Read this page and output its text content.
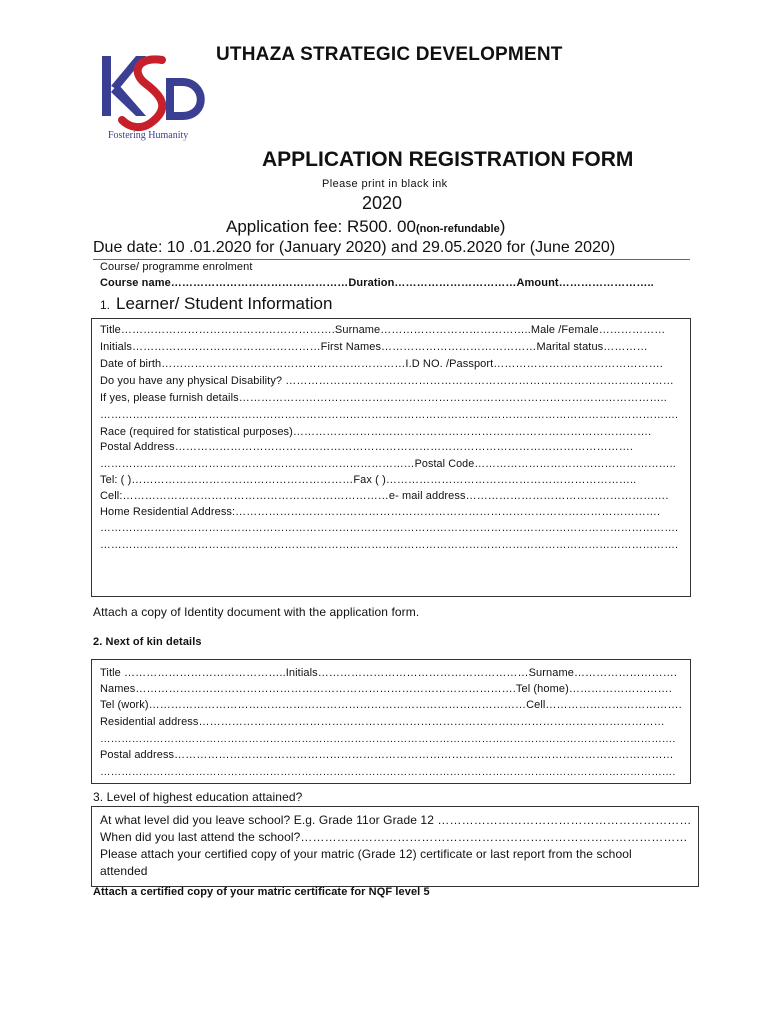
Fostering Humanity
UTHAZA STRATEGIC DEVELOPMENT
APPLICATION REGISTRATION FORM
Please print in black ink
2020
Application fee: R500. 00(non-refundable)
Due date: 10 .01.2020 for (January 2020) and 29.05.2020 for (June 2020)
Course/ programme enrolment
Course name…………………………………………Duration……………………………Amount……………………..
1. Learner/ Student Information
Title………………………………………………….Surname…………………………………..Male /Female………………
Initials……………………………………………First Names……………………………………Marital status…………
Date of birth…………………………………………………………I.D NO. /Passport……………………………………….
Do you have any physical Disability? ……………………………………………………………………………………………
If yes, please furnish details……………………………………………………………………………………………………..
…………………………………………………………………………………………………………………………………………….
Race (required for statistical purposes)…………………………………………………………………………………….
Postal Address…………………………………………………………………………………………………………….
……………………………………………………………………………Postal Code………………………………………………..
Tel: ( )……………………………………………………Fax ( )…………………………………………………………..
Cell:………………………………………………………………e- mail address……………………………………………….
Home Residential Address:…………………………………………………………………………………………………….
…………………………………………………………………………………………………………………………………………….
…………………………………………………………………………………………………………………………………………….
Attach a copy of Identity document with the application form.
2. Next of kin details
Title ……………………………………..Initials…………………………………………………Surname……………………….
Names………………………………………………………………………………………….Tel (home)……………………….
Tel (work)…………………………………………………………………………………………Cell……………………………….
Residential address………………………………………………………………………………………………………………
……………………………………………………………………………………………………………………………………………….
Postal address………………………………………………………………………………………………………………………
……………………………………………………………………………………………………………………………………………….
3. Level of highest education attained?
At what level did you leave school? E.g. Grade 11or Grade 12 ………………………………………………………
When did you last attend the school?……………………………………………………………………………………
Please attach your certified copy of your matric (Grade 12) certificate or last report from the school
attended
Attach a certified copy of your matric certificate for NQF level 5
